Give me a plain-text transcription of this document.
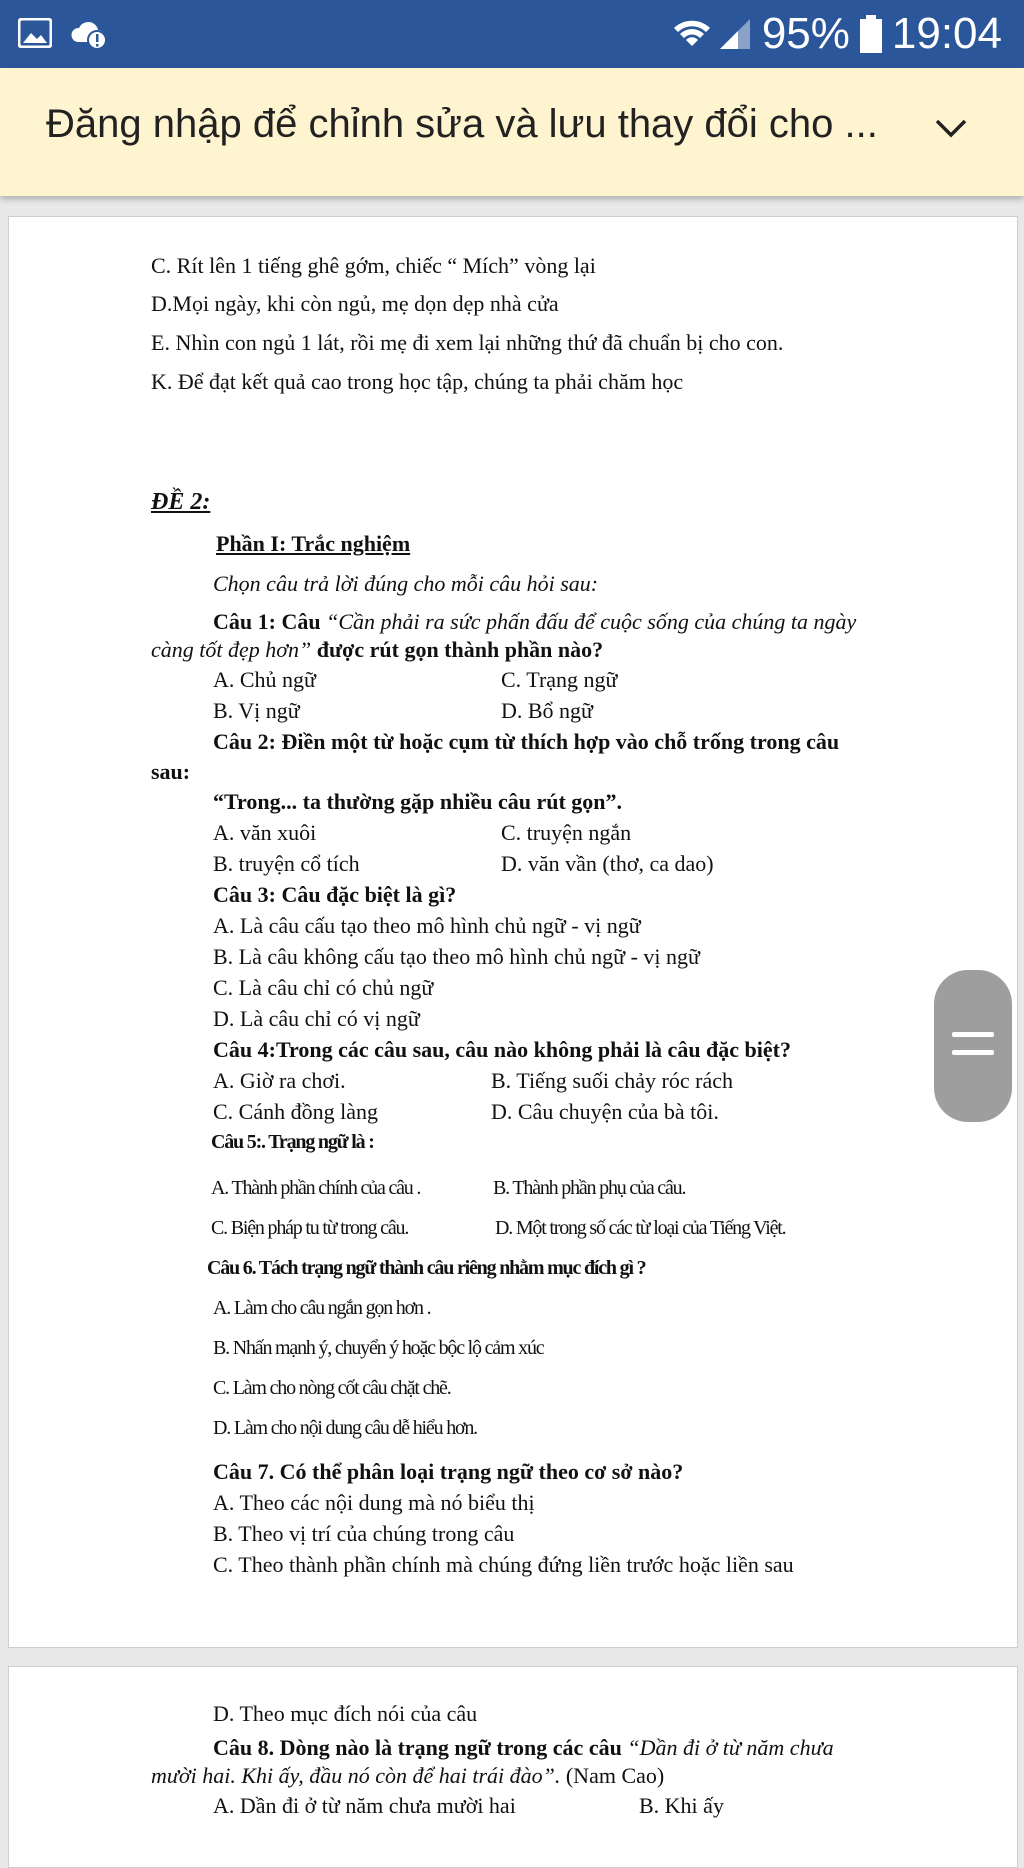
95% 19:04
Đăng nhập để chỉnh sửa và lưu thay đổi cho ...
C. Rít lên 1 tiếng ghê gớm, chiếc “ Mích” vòng lại
D.Mọi ngày, khi còn ngủ, mẹ dọn dẹp nhà cửa
E. Nhìn con ngủ 1 lát, rồi mẹ đi xem lại những thứ đã chuẩn bị cho con.
K. Để đạt kết quả cao trong học tập, chúng ta phải chăm học
ĐỀ 2:
Phần I: Trắc nghiệm
Chọn câu trả lời đúng cho mỗi câu hỏi sau:
Câu 1: Câu “Cần phải ra sức phấn đấu để cuộc sống của chúng ta ngày
càng tốt đẹp hơn” được rút gọn thành phần nào?
A. Chủ ngữ	C. Trạng ngữ
B. Vị ngữ	D. Bổ ngữ
Câu 2: Điền một từ hoặc cụm từ thích hợp vào chỗ trống trong câu
sau:
“Trong... ta thường gặp nhiều câu rút gọn”.
A. văn xuôi	C. truyện ngắn
B. truyện cổ tích	D. văn vần (thơ, ca dao)
Câu 3: Câu đặc biệt là gì?
A. Là câu cấu tạo theo mô hình chủ ngữ - vị ngữ
B. Là câu không cấu tạo theo mô hình chủ ngữ - vị ngữ
C. Là câu chỉ có chủ ngữ
D. Là câu chỉ có vị ngữ
Câu 4:Trong các câu sau, câu nào không phải là câu đặc biệt?
A. Giờ ra chơi.	B. Tiếng suối chảy róc rách
C. Cánh đồng làng	D. Câu chuyện của bà tôi.
Câu 5:. Trạng ngữ là :
A. Thành phần chính của câu .	B. Thành phần phụ của câu.
C. Biện pháp tu từ trong câu.	D. Một trong số các từ loại của Tiếng Việt.
Câu 6. Tách trạng ngữ thành câu riêng nhằm mục đích gì ?
A. Làm cho câu ngắn gọn hơn .
B. Nhấn mạnh ý, chuyển ý hoặc bộc lộ cảm xúc
C. Làm cho nòng cốt câu chặt chẽ.
D. Làm cho nội dung câu dễ hiểu hơn.
Câu 7. Có thể phân loại trạng ngữ theo cơ sở nào?
A. Theo các nội dung mà nó biểu thị
B. Theo vị trí của chúng trong câu
C. Theo thành phần chính mà chúng đứng liền trước hoặc liền sau
D. Theo mục đích nói của câu
Câu 8. Dòng nào là trạng ngữ trong các câu “Dần đi ở từ năm chưa
mười hai. Khi ấy, đầu nó còn để hai trái đào”. (Nam Cao)
A. Dần đi ở từ năm chưa mười hai	B. Khi ấy
